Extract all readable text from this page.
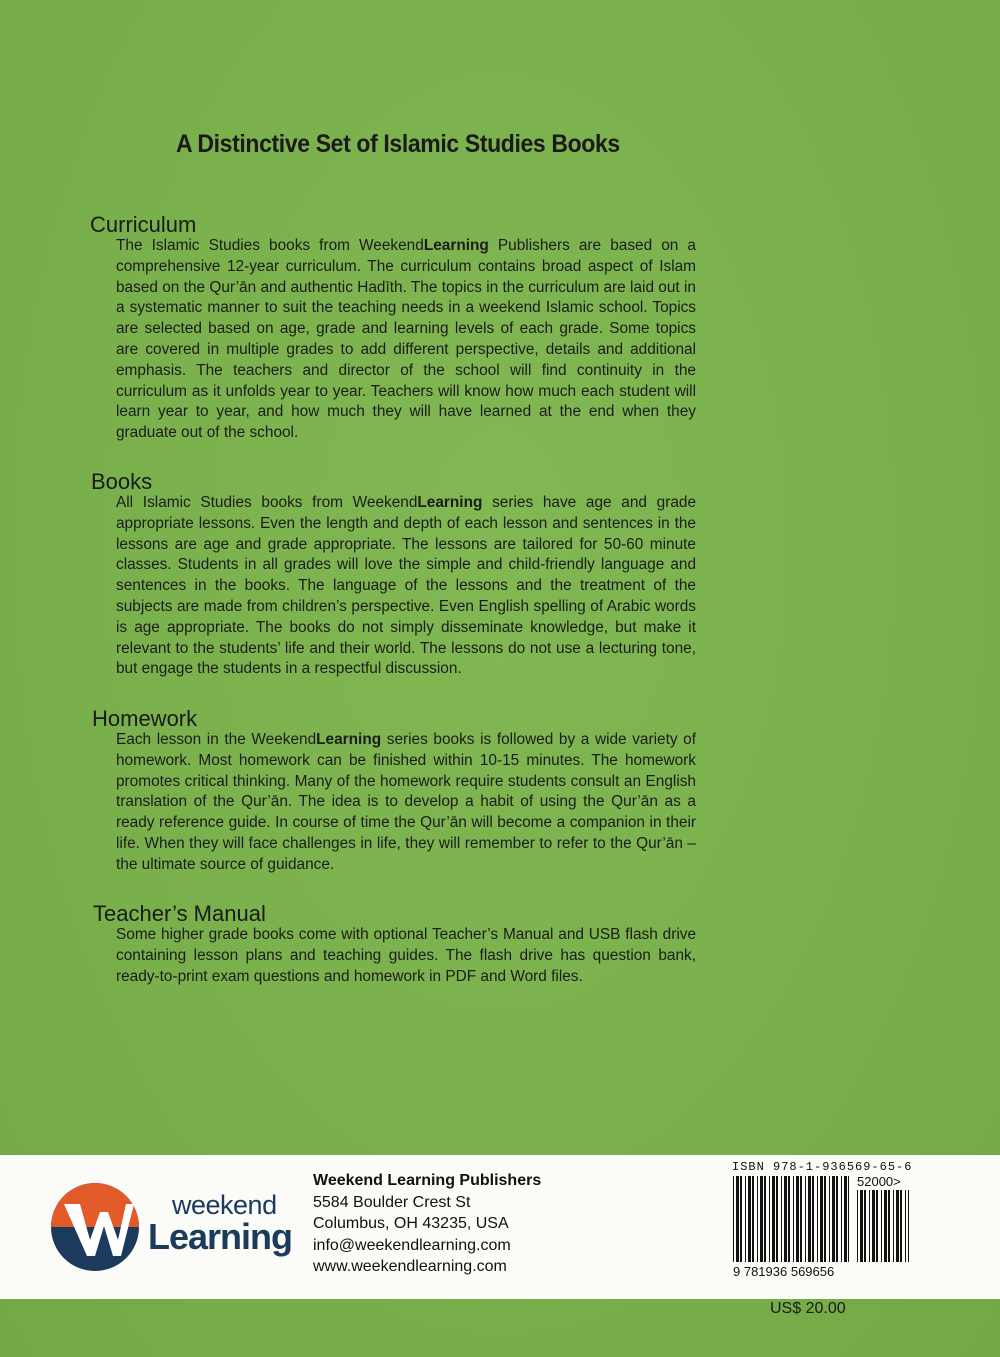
A Distinctive Set of Islamic Studies Books
Curriculum
The Islamic Studies books from WeekendLearning Publishers are based on a comprehensive 12-year curriculum. The curriculum contains broad aspect of Islam based on the Qur’ān and authentic Hadīth. The topics in the curriculum are laid out in a systematic manner to suit the teaching needs in a weekend Islamic school. Topics are selected based on age, grade and learning levels of each grade. Some topics are covered in multiple grades to add different perspective, details and additional emphasis. The teachers and director of the school will find continuity in the curriculum as it unfolds year to year. Teachers will know how much each student will learn year to year, and how much they will have learned at the end when they graduate out of the school.
Books
All Islamic Studies books from WeekendLearning series have age and grade appropriate lessons. Even the length and depth of each lesson and sentences in the lessons are age and grade appropriate. The lessons are tailored for 50-60 minute classes. Students in all grades will love the simple and child-friendly language and sentences in the books. The language of the lessons and the treatment of the subjects are made from children’s perspective. Even English spelling of Arabic words is age appropriate. The books do not simply disseminate knowledge, but make it relevant to the students’ life and their world. The lessons do not use a lecturing tone, but engage the students in a respectful discussion.
Homework
Each lesson in the WeekendLearning series books is followed by a wide variety of homework. Most homework can be finished within 10-15 minutes. The homework promotes critical thinking. Many of the homework require students consult an English translation of the Qur’ān. The idea is to develop a habit of using the Qur’ān as a ready reference guide. In course of time the Qur’ān will become a companion in their life. When they will face challenges in life, they will remember to refer to the Qur’ān – the ultimate source of guidance.
Teacher’s Manual
Some higher grade books come with optional Teacher’s Manual and USB flash drive containing lesson plans and teaching guides. The flash drive has question bank, ready-to-print exam questions and homework in PDF and Word files.
weekend
Learning
Weekend Learning Publishers
5584 Boulder Crest St
Columbus, OH 43235, USA
info@weekendlearning.com
www.weekendlearning.com
ISBN 978-1-936569-65-6
52000>
9 781936 569656
US$ 20.00
